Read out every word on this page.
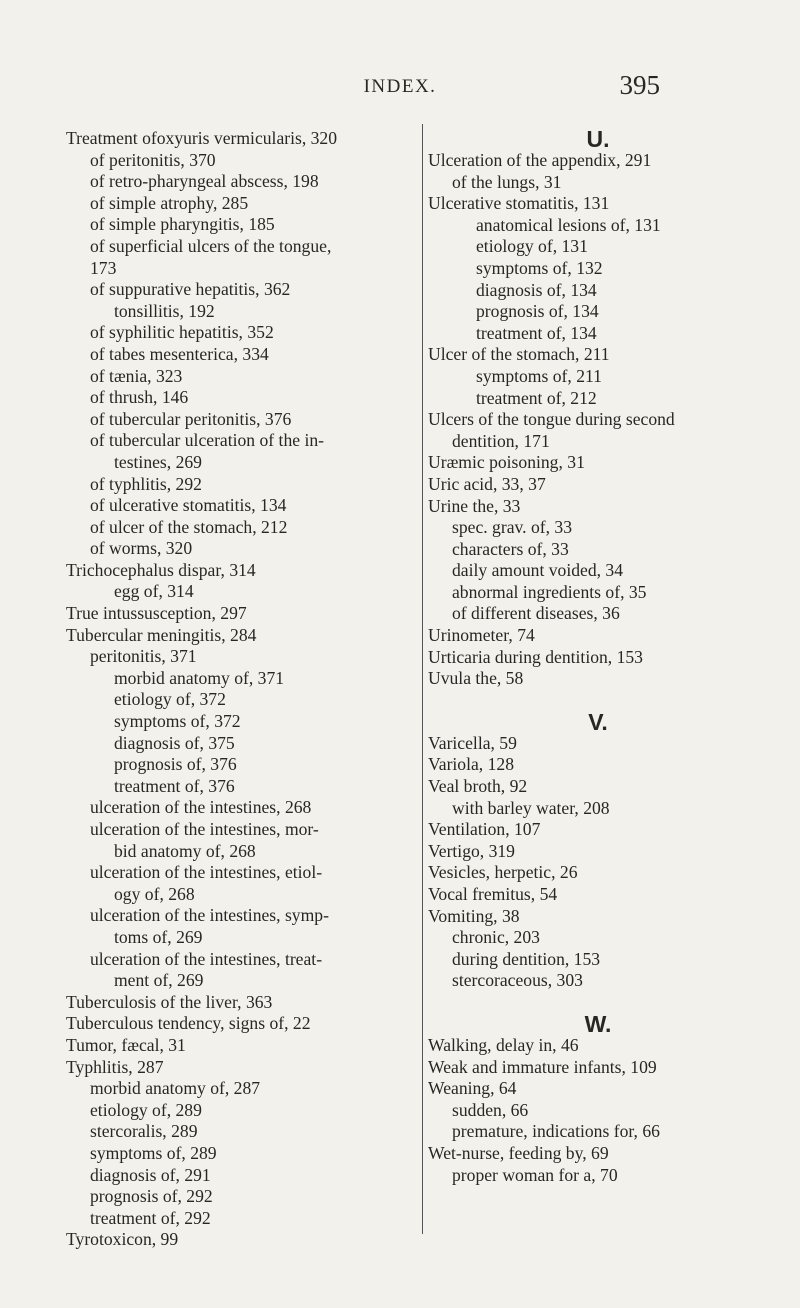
INDEX.	395
Treatment ofoxyuris vermicularis, 320
of peritonitis, 370
of retro-pharyngeal abscess, 198
of simple atrophy, 285
of simple pharyngitis, 185
of superficial ulcers of the tongue,
173
of suppurative hepatitis, 362
tonsillitis, 192
of syphilitic hepatitis, 352
of tabes mesenterica, 334
of tænia, 323
of thrush, 146
of tubercular peritonitis, 376
of tubercular ulceration of the in-
testines, 269
of typhlitis, 292
of ulcerative stomatitis, 134
of ulcer of the stomach, 212
of worms, 320
Trichocephalus dispar, 314
egg of, 314
True intussusception, 297
Tubercular meningitis, 284
peritonitis, 371
morbid anatomy of, 371
etiology of, 372
symptoms of, 372
diagnosis of, 375
prognosis of, 376
treatment of, 376
ulceration of the intestines, 268
ulceration of the intestines, mor-
bid anatomy of, 268
ulceration of the intestines, etiol-
ogy of, 268
ulceration of the intestines, symp-
toms of, 269
ulceration of the intestines, treat-
ment of, 269
Tuberculosis of the liver, 363
Tuberculous tendency, signs of, 22
Tumor, fæcal, 31
Typhlitis, 287
morbid anatomy of, 287
etiology of, 289
stercoralis, 289
symptoms of, 289
diagnosis of, 291
prognosis of, 292
treatment of, 292
Tyrotoxicon, 99
U.
Ulceration of the appendix, 291
of the lungs, 31
Ulcerative stomatitis, 131
anatomical lesions of, 131
etiology of, 131
symptoms of, 132
diagnosis of, 134
prognosis of, 134
treatment of, 134
Ulcer of the stomach, 211
symptoms of, 211
treatment of, 212
Ulcers of the tongue during second
dentition, 171
Uræmic poisoning, 31
Uric acid, 33, 37
Urine the, 33
spec. grav. of, 33
characters of, 33
daily amount voided, 34
abnormal ingredients of, 35
of different diseases, 36
Urinometer, 74
Urticaria during dentition, 153
Uvula the, 58
V.
Varicella, 59
Variola, 128
Veal broth, 92
with barley water, 208
Ventilation, 107
Vertigo, 319
Vesicles, herpetic, 26
Vocal fremitus, 54
Vomiting, 38
chronic, 203
during dentition, 153
stercoraceous, 303
W.
Walking, delay in, 46
Weak and immature infants, 109
Weaning, 64
sudden, 66
premature, indications for, 66
Wet-nurse, feeding by, 69
proper woman for a, 70
